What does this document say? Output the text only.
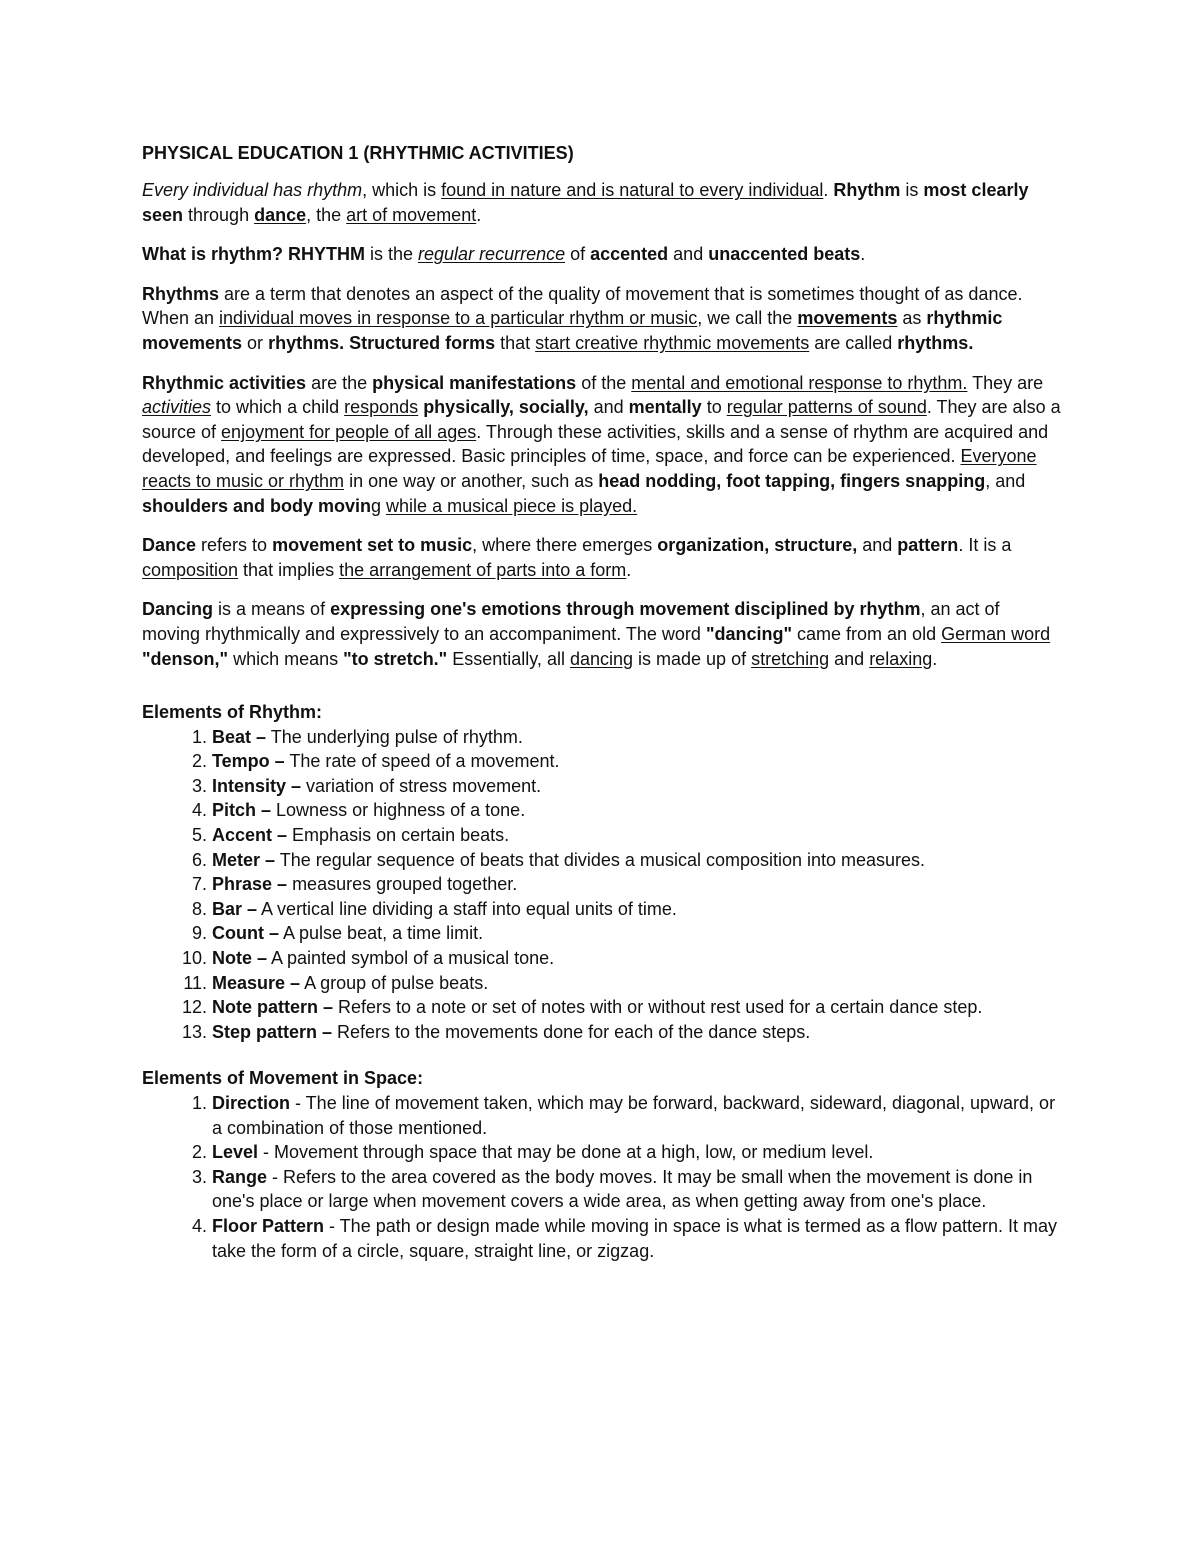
PHYSICAL EDUCATION 1 (RHYTHMIC ACTIVITIES)

Every individual has rhythm, which is found in nature and is natural to every individual. Rhythm is most clearly seen through dance, the art of movement.

What is rhythm? RHYTHM is the regular recurrence of accented and unaccented beats.

Rhythms are a term that denotes an aspect of the quality of movement that is sometimes thought of as dance. When an individual moves in response to a particular rhythm or music, we call the movements as rhythmic movements or rhythms. Structured forms that start creative rhythmic movements are called rhythms.

Rhythmic activities are the physical manifestations of the mental and emotional response to rhythm. They are activities to which a child responds physically, socially, and mentally to regular patterns of sound. They are also a source of enjoyment for people of all ages. Through these activities, skills and a sense of rhythm are acquired and developed, and feelings are expressed. Basic principles of time, space, and force can be experienced. Everyone reacts to music or rhythm in one way or another, such as head nodding, foot tapping, fingers snapping, and shoulders and body moving while a musical piece is played.

Dance refers to movement set to music, where there emerges organization, structure, and pattern. It is a composition that implies the arrangement of parts into a form.

Dancing is a means of expressing one's emotions through movement disciplined by rhythm, an act of moving rhythmically and expressively to an accompaniment. The word "dancing" came from an old German word "denson," which means "to stretch." Essentially, all dancing is made up of stretching and relaxing.

Elements of Rhythm:
1. Beat – The underlying pulse of rhythm.
2. Tempo – The rate of speed of a movement.
3. Intensity – variation of stress movement.
4. Pitch – Lowness or highness of a tone.
5. Accent – Emphasis on certain beats.
6. Meter – The regular sequence of beats that divides a musical composition into measures.
7. Phrase – measures grouped together.
8. Bar – A vertical line dividing a staff into equal units of time.
9. Count – A pulse beat, a time limit.
10. Note – A painted symbol of a musical tone.
11. Measure – A group of pulse beats.
12. Note pattern – Refers to a note or set of notes with or without rest used for a certain dance step.
13. Step pattern – Refers to the movements done for each of the dance steps.
Elements of Movement in Space:
1. Direction - The line of movement taken, which may be forward, backward, sideward, diagonal, upward, or a combination of those mentioned.
2. Level - Movement through space that may be done at a high, low, or medium level.
3. Range - Refers to the area covered as the body moves. It may be small when the movement is done in one's place or large when movement covers a wide area, as when getting away from one's place.
4. Floor Pattern - The path or design made while moving in space is what is termed as a flow pattern. It may take the form of a circle, square, straight line, or zigzag.
